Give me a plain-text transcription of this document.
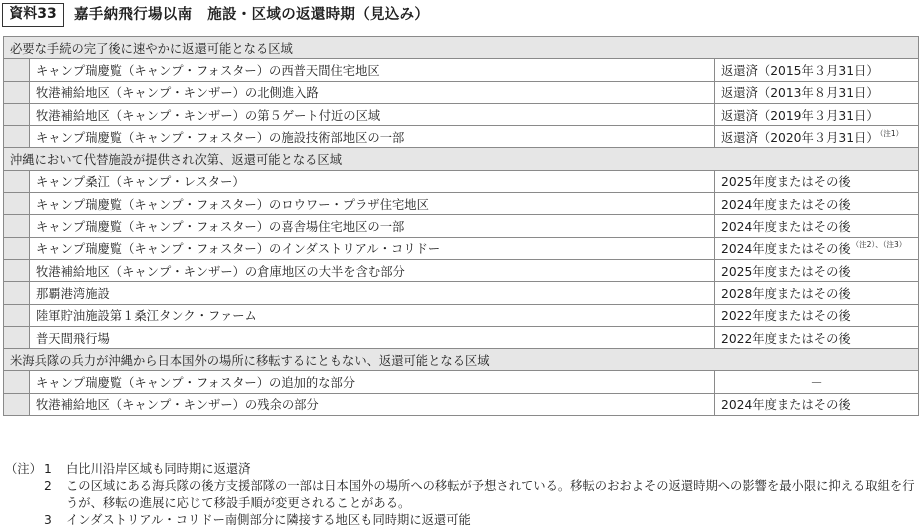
資料33	嘉手納飛行場以南　施設・区域の返還時期（見込み）
必要な手続の完了後に速やかに返還可能となる区域		
	キャンプ瑞慶覧（キャンプ・フォスター）の西普天間住宅地区	返還済（2015年３月31日）
	牧港補給地区（キャンプ・キンザー）の北側進入路	返還済（2013年８月31日）
	牧港補給地区（キャンプ・キンザー）の第５ゲート付近の区域	返還済（2019年３月31日）
	キャンプ瑞慶覧（キャンプ・フォスター）の施設技術部地区の一部	返還済（2020年３月31日）$^{(注1)}$
沖縄において代替施設が提供され次第、返還可能となる区域		
	キャンプ桑江（キャンプ・レスター）	2025年度またはその後
	キャンプ瑞慶覧（キャンプ・フォスター）のロウワー・プラザ住宅地区	2024年度またはその後
	キャンプ瑞慶覧（キャンプ・フォスター）の喜舎場住宅地区の一部	2024年度またはその後
	キャンプ瑞慶覧（キャンプ・フォスター）のインダストリアル・コリドー	2024年度またはその後$^{(注2)、(注3)}$
	牧港補給地区（キャンプ・キンザー）の倉庫地区の大半を含む部分	2025年度またはその後
	那覇港湾施設	2028年度またはその後
	陸軍貯油施設第１桑江タンク・ファーム	2022年度またはその後
	普天間飛行場	2022年度またはその後
米海兵隊の兵力が沖縄から日本国外の場所に移転するにともない、返還可能となる区域		
	キャンプ瑞慶覧（キャンプ・フォスター）の追加的な部分	－
	牧港補給地区（キャンプ・キンザー）の残余の部分	2024年度またはその後
（注） 1 白比川沿岸区域も同時期に返還済
2 この区域にある海兵隊の後方支援部隊の一部は日本国外の場所への移転が予想されている。移転のおおよその返還時期への影響を最小限に抑える取組を行うが、移転の進展に応じて移設手順が変更されることがある。
3 インダストリアル・コリドー南側部分に隣接する地区も同時期に返還可能
